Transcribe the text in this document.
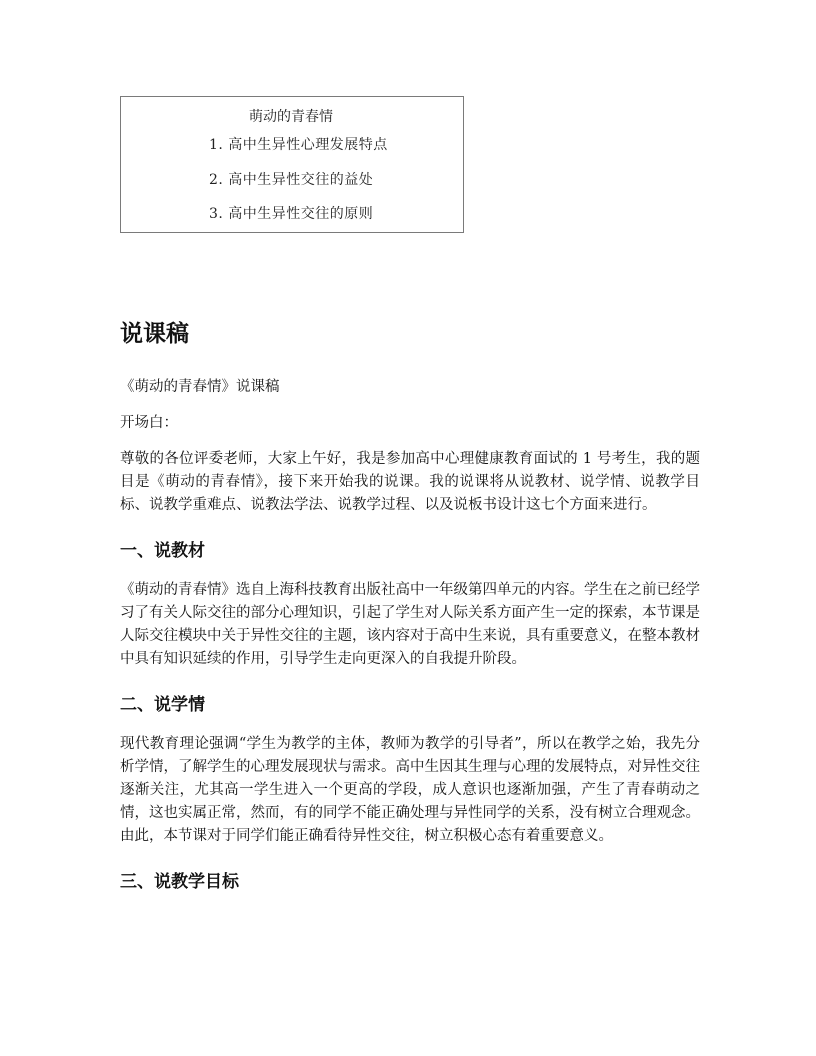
萌动的青春情
1. 高中生异性心理发展特点
2. 高中生异性交往的益处
3. 高中生异性交往的原则
说课稿

《萌动的青春情》说课稿

开场白：

尊敬的各位评委老师，大家上午好，我是参加高中心理健康教育面试的 1 号考生，我的题目是《萌动的青春情》，接下来开始我的说课。我的说课将从说教材、说学情、说教学目标、说教学重难点、说教法学法、说教学过程、以及说板书设计这七个方面来进行。

一、说教材

《萌动的青春情》选自上海科技教育出版社高中一年级第四单元的内容。学生在之前已经学习了有关人际交往的部分心理知识，引起了学生对人际关系方面产生一定的探索，本节课是人际交往模块中关于异性交往的主题，该内容对于高中生来说，具有重要意义，在整本教材中具有知识延续的作用，引导学生走向更深入的自我提升阶段。

二、说学情

现代教育理论强调“学生为教学的主体，教师为教学的引导者”，所以在教学之始，我先分析学情，了解学生的心理发展现状与需求。高中生因其生理与心理的发展特点，对异性交往逐渐关注，尤其高一学生进入一个更高的学段，成人意识也逐渐加强，产生了青春萌动之情，这也实属正常，然而，有的同学不能正确处理与异性同学的关系，没有树立合理观念。由此，本节课对于同学们能正确看待异性交往，树立积极心态有着重要意义。

三、说教学目标
